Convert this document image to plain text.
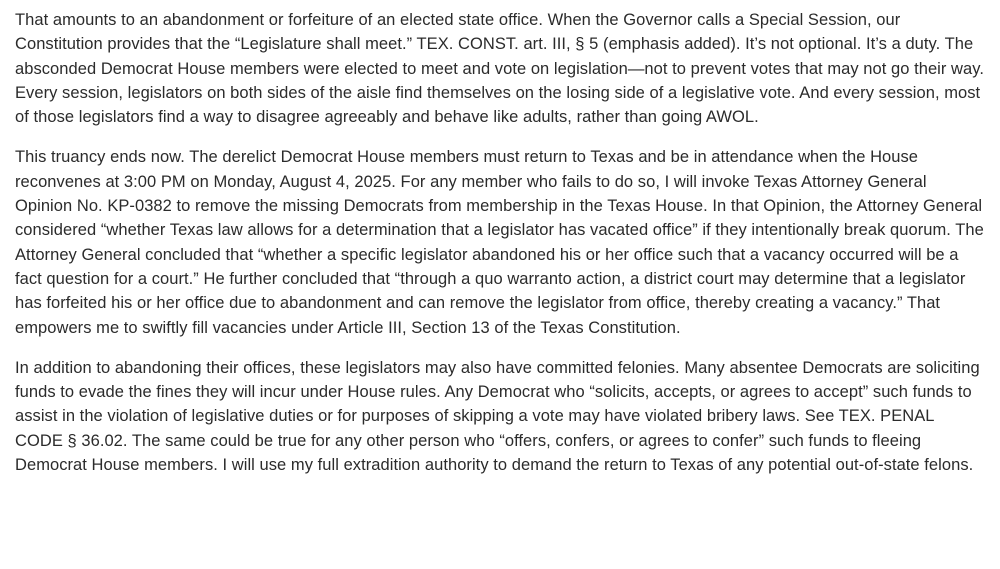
That amounts to an abandonment or forfeiture of an elected state office. When the Governor calls a Special Session, our Constitution provides that the “Legislature shall meet.” TEX. CONST. art. III, § 5 (emphasis added). It’s not optional. It’s a duty. The absconded Democrat House members were elected to meet and vote on legislation—not to prevent votes that may not go their way. Every session, legislators on both sides of the aisle find themselves on the losing side of a legislative vote. And every session, most of those legislators find a way to disagree agreeably and behave like adults, rather than going AWOL.

This truancy ends now. The derelict Democrat House members must return to Texas and be in attendance when the House reconvenes at 3:00 PM on Monday, August 4, 2025. For any member who fails to do so, I will invoke Texas Attorney General Opinion No. KP-0382 to remove the missing Democrats from membership in the Texas House. In that Opinion, the Attorney General considered “whether Texas law allows for a determination that a legislator has vacated office” if they intentionally break quorum. The Attorney General concluded that “whether a specific legislator abandoned his or her office such that a vacancy occurred will be a fact question for a court.” He further concluded that “through a quo warranto action, a district court may determine that a legislator has forfeited his or her office due to abandonment and can remove the legislator from office, thereby creating a vacancy.” That empowers me to swiftly fill vacancies under Article III, Section 13 of the Texas Constitution.

In addition to abandoning their offices, these legislators may also have committed felonies. Many absentee Democrats are soliciting funds to evade the fines they will incur under House rules. Any Democrat who “solicits, accepts, or agrees to accept” such funds to assist in the violation of legislative duties or for purposes of skipping a vote may have violated bribery laws. See TEX. PENAL CODE § 36.02. The same could be true for any other person who “offers, confers, or agrees to confer” such funds to fleeing Democrat House members. I will use my full extradition authority to demand the return to Texas of any potential out-of-state felons.
